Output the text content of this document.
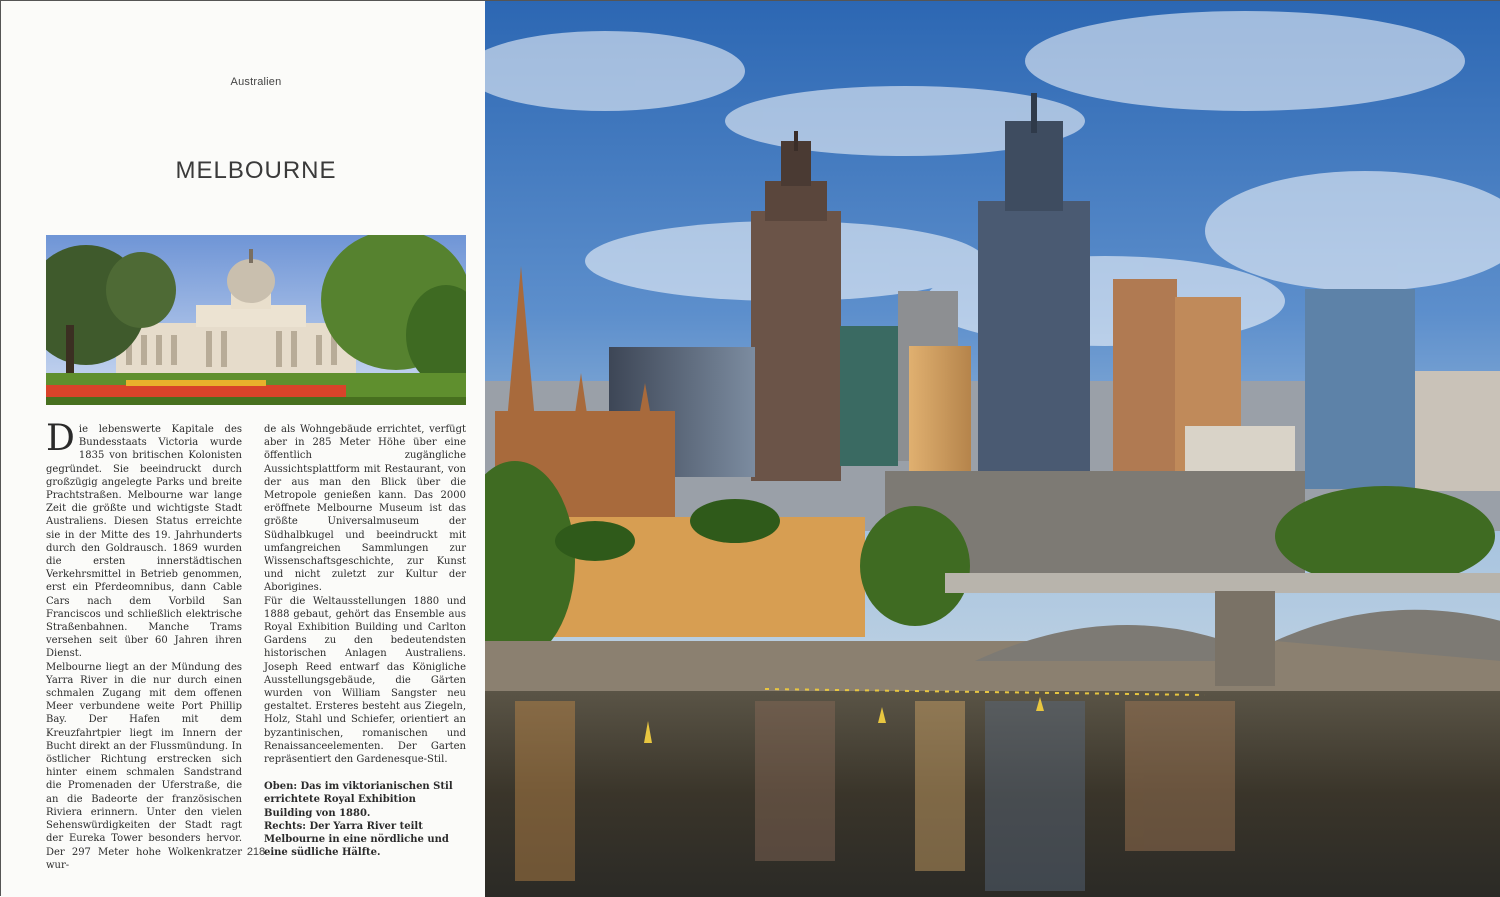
Australien
MELBOURNE

Die lebenswerte Kapitale des Bundesstaats Victoria wurde 1835 von britischen Kolonisten gegründet. Sie beeindruckt durch großzügig angelegte Parks und breite Prachtstraßen. Melbourne war lange Zeit die größte und wichtigste Stadt Australiens. Diesen Status erreichte sie in der Mitte des 19. Jahrhunderts durch den Goldrausch. 1869 wurden die ersten innerstädtischen Verkehrsmittel in Betrieb genommen, erst ein Pferdeomnibus, dann Cable Cars nach dem Vorbild San Franciscos und schließlich elektrische Straßenbahnen. Manche Trams versehen seit über 60 Jahren ihren Dienst.

Melbourne liegt an der Mündung des Yarra River in die nur durch einen schmalen Zugang mit dem offenen Meer verbundene weite Port Phillip Bay. Der Hafen mit dem Kreuzfahrtpier liegt im Innern der Bucht direkt an der Flussmündung. In östlicher Richtung erstrecken sich hinter einem schmalen Sandstrand die Promenaden der Uferstraße, die an die Badeorte der französischen Riviera erinnern. Unter den vielen Sehenswürdigkeiten der Stadt ragt der Eureka Tower besonders hervor. Der 297 Meter hohe Wolkenkratzer wur-

de als Wohngebäude errichtet, verfügt aber in 285 Meter Höhe über eine öffentlich zugängliche Aussichtsplattform mit Restaurant, von der aus man den Blick über die Metropole genießen kann. Das 2000 eröffnete Melbourne Museum ist das größte Universalmuseum der Südhalbkugel und beeindruckt mit umfangreichen Sammlungen zur Wissenschaftsgeschichte, zur Kunst und nicht zuletzt zur Kultur der Aborigines.

Für die Weltausstellungen 1880 und 1888 gebaut, gehört das Ensemble aus Royal Exhibition Building und Carlton Gardens zu den bedeutendsten historischen Anlagen Australiens. Joseph Reed entwarf das Königliche Ausstellungsgebäude, die Gärten wurden von William Sangster neu gestaltet. Ersteres besteht aus Ziegeln, Holz, Stahl und Schiefer, orientiert an byzantinischen, romanischen und Renaissanceelementen. Der Garten repräsentiert den Gardenesque-Stil.

Oben: Das im viktorianischen Stil errichtete Royal Exhibition Building von 1880.
Rechts: Der Yarra River teilt Melbourne in eine nördliche und eine südliche Hälfte.

218
